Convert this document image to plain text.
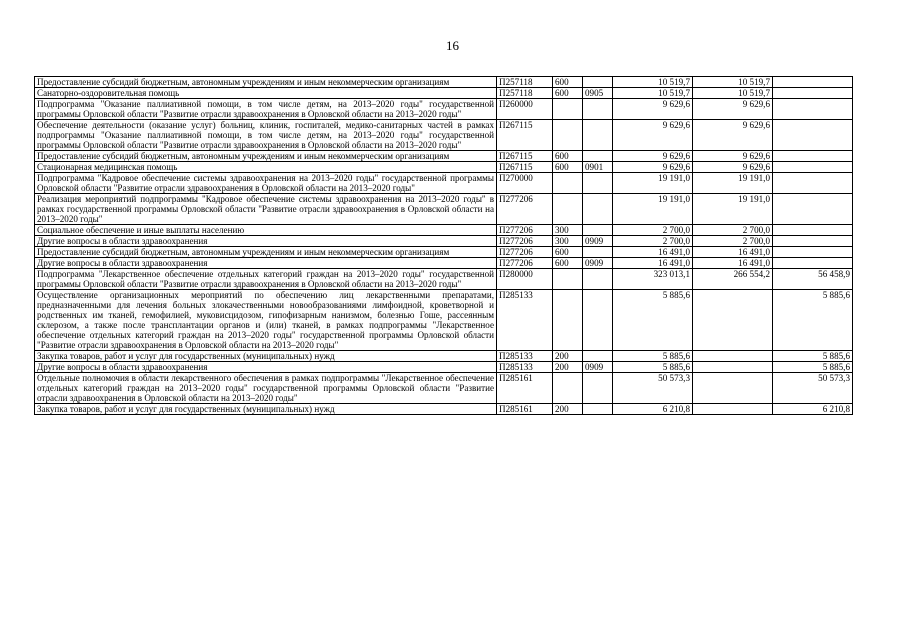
16
Предоставление субсидий бюджетным, автономным учреждениям и иным некоммерческим организациям	П257118	600		10 519,7	10 519,7	
Санаторно-оздоровительная помощь	П257118	600	0905	10 519,7	10 519,7	
Подпрограмма "Оказание паллиативной помощи, в том числе детям, на 2013–2020 годы" государственной программы Орловской области "Развитие отрасли здравоохранения в Орловской области на 2013–2020 годы"	П260000			9 629,6	9 629,6	
Обеспечение деятельности (оказание услуг) больниц, клиник, госпиталей, медико-санитарных частей в рамках подпрограммы "Оказание паллиативной помощи, в том числе детям, на 2013–2020 годы" государственной программы Орловской области "Развитие отрасли здравоохранения в Орловской области на 2013–2020 годы"	П267115			9 629,6	9 629,6	
Предоставление субсидий бюджетным, автономным учреждениям и иным некоммерческим организациям	П267115	600		9 629,6	9 629,6	
Стационарная медицинская помощь	П267115	600	0901	9 629,6	9 629,6	
Подпрограмма "Кадровое обеспечение системы здравоохранения на 2013–2020 годы" государственной программы Орловской области "Развитие отрасли здравоохранения в Орловской области на 2013–2020 годы"	П270000			19 191,0	19 191,0	
Реализация мероприятий подпрограммы "Кадровое обеспечение системы здравоохранения на 2013–2020 годы" в рамках государственной программы Орловской области "Развитие отрасли здравоохранения в Орловской области на 2013–2020 годы"	П277206			19 191,0	19 191,0	
Социальное обеспечение и иные выплаты населению	П277206	300		2 700,0	2 700,0	
Другие вопросы в области здравоохранения	П277206	300	0909	2 700,0	2 700,0	
Предоставление субсидий бюджетным, автономным учреждениям и иным некоммерческим организациям	П277206	600		16 491,0	16 491,0	
Другие вопросы в области здравоохранения	П277206	600	0909	16 491,0	16 491,0	
Подпрограмма "Лекарственное обеспечение отдельных категорий граждан на 2013–2020 годы" государственной программы Орловской области "Развитие отрасли здравоохранения в Орловской области на 2013–2020 годы"	П280000			323 013,1	266 554,2	56 458,9
Осуществление организационных мероприятий по обеспечению лиц лекарственными препаратами, предназначенными для лечения больных злокачественными новообразованиями лимфоидной, кроветворной и родственных им тканей, гемофилией, муковисцидозом, гипофизарным нанизмом, болезнью Гоше, рассеянным склерозом, а также после трансплантации органов и (или) тканей, в рамках подпрограммы "Лекарственное обеспечение отдельных категорий граждан на 2013–2020 годы" государственной программы Орловской области "Развитие отрасли здравоохранения в Орловской области на 2013–2020 годы"	П285133			5 885,6		5 885,6
Закупка товаров, работ и услуг для государственных (муниципальных) нужд	П285133	200		5 885,6		5 885,6
Другие вопросы в области здравоохранения	П285133	200	0909	5 885,6		5 885,6
Отдельные полномочия в области лекарственного обеспечения в рамках подпрограммы "Лекарственное обеспечение отдельных категорий граждан на 2013–2020 годы" государственной программы Орловской области "Развитие отрасли здравоохранения в Орловской области на 2013–2020 годы"	П285161			50 573,3		50 573,3
Закупка товаров, работ и услуг для государственных (муниципальных) нужд	П285161	200		6 210,8		6 210,8
